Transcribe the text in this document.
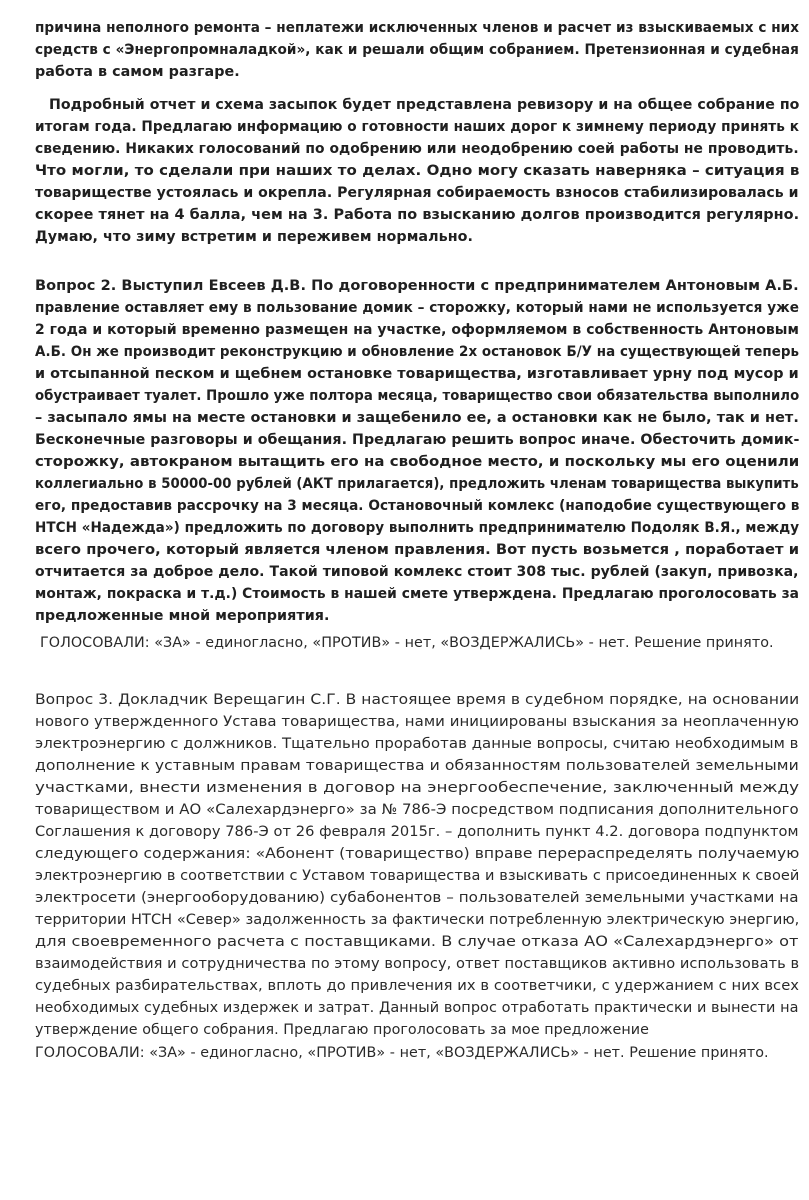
причина неполного ремонта – неплатежи исключенных членов и расчет из взыскиваемых с них
средств с «Энергопромналадкой», как и решали общим собранием. Претензионная и судебная
работа в самом разгаре.
Подробный отчет и схема засыпок будет представлена ревизору и на общее собрание по
итогам года. Предлагаю информацию о готовности наших дорог к зимнему периоду принять к
сведению. Никаких голосований по одобрению или неодобрению соей работы не проводить.
Что могли, то сделали при наших то делах. Одно могу сказать наверняка – ситуация в
товариществе устоялась и окрепла. Регулярная собираемость взносов стабилизировалась и
скорее тянет на 4 балла, чем на 3. Работа по взысканию долгов производится регулярно.
Думаю, что зиму встретим и переживем нормально.
Вопрос 2. Выступил Евсеев Д.В. По договоренности с предпринимателем Антоновым А.Б.
правление оставляет ему в пользование домик – сторожку, который нами не используется уже
2 года и который временно размещен на участке, оформляемом в собственность Антоновым
А.Б. Он же производит реконструкцию и обновление 2х остановок Б/У на существующей теперь
и отсыпанной песком и щебнем остановке товарищества, изготавливает урну под мусор и
обустраивает туалет. Прошло уже полтора месяца, товарищество свои обязательства выполнило
– засыпало ямы на месте остановки и защебенило ее, а остановки как не было, так и нет.
Бесконечные разговоры и обещания. Предлагаю решить вопрос иначе. Обесточить домик-
сторожку, автокраном вытащить его на свободное место, и поскольку мы его оценили
коллегиально в 50000-00 рублей (АКТ прилагается), предложить членам товарищества выкупить
его, предоставив рассрочку на 3 месяца. Остановочный комлекс (наподобие существующего в
НТСН «Надежда») предложить по договору выполнить предпринимателю Подоляк В.Я., между
всего прочего, который является членом правления. Вот пусть возьмется , поработает и
отчитается за доброе дело. Такой типовой комлекс стоит 308 тыс. рублей (закуп, привозка,
монтаж, покраска и т.д.) Стоимость в нашей смете утверждена. Предлагаю проголосовать за
предложенные мной мероприятия.
ГОЛОСОВАЛИ: «ЗА» - единогласно, «ПРОТИВ» - нет, «ВОЗДЕРЖАЛИСЬ» - нет. Решение принято.
Вопрос 3. Докладчик Верещагин С.Г. В настоящее время в судебном порядке, на основании
нового утвержденного Устава товарищества, нами инициированы взыскания за неоплаченную
электроэнергию с должников. Тщательно проработав данные вопросы, считаю необходимым в
дополнение к уставным правам товарищества и обязанностям пользователей земельными
участками, внести изменения в договор на энергообеспечение, заключенный между
товариществом и АО «Салехардэнерго» за № 786-Э посредством подписания дополнительного
Соглашения к договору 786-Э от 26 февраля 2015г. – дополнить пункт 4.2. договора подпунктом
следующего содержания: «Абонент (товарищество) вправе перераспределять получаемую
электроэнергию в соответствии с Уставом товарищества и взыскивать с присоединенных к своей
электросети (энергооборудованию) субабонентов – пользователей земельными участками на
территории НТСН «Север» задолженность за фактически потребленную электрическую энергию,
для своевременного расчета с поставщиками. В случае отказа АО «Салехардэнерго» от
взаимодействия и сотрудничества по этому вопросу, ответ поставщиков активно использовать в
судебных разбирательствах, вплоть до привлечения их в соответчики, с удержанием с них всех
необходимых судебных издержек и затрат. Данный вопрос отработать практически и вынести на
утверждение общего собрания. Предлагаю проголосовать за мое предложение
ГОЛОСОВАЛИ: «ЗА» - единогласно, «ПРОТИВ» - нет, «ВОЗДЕРЖАЛИСЬ» - нет. Решение принято.
